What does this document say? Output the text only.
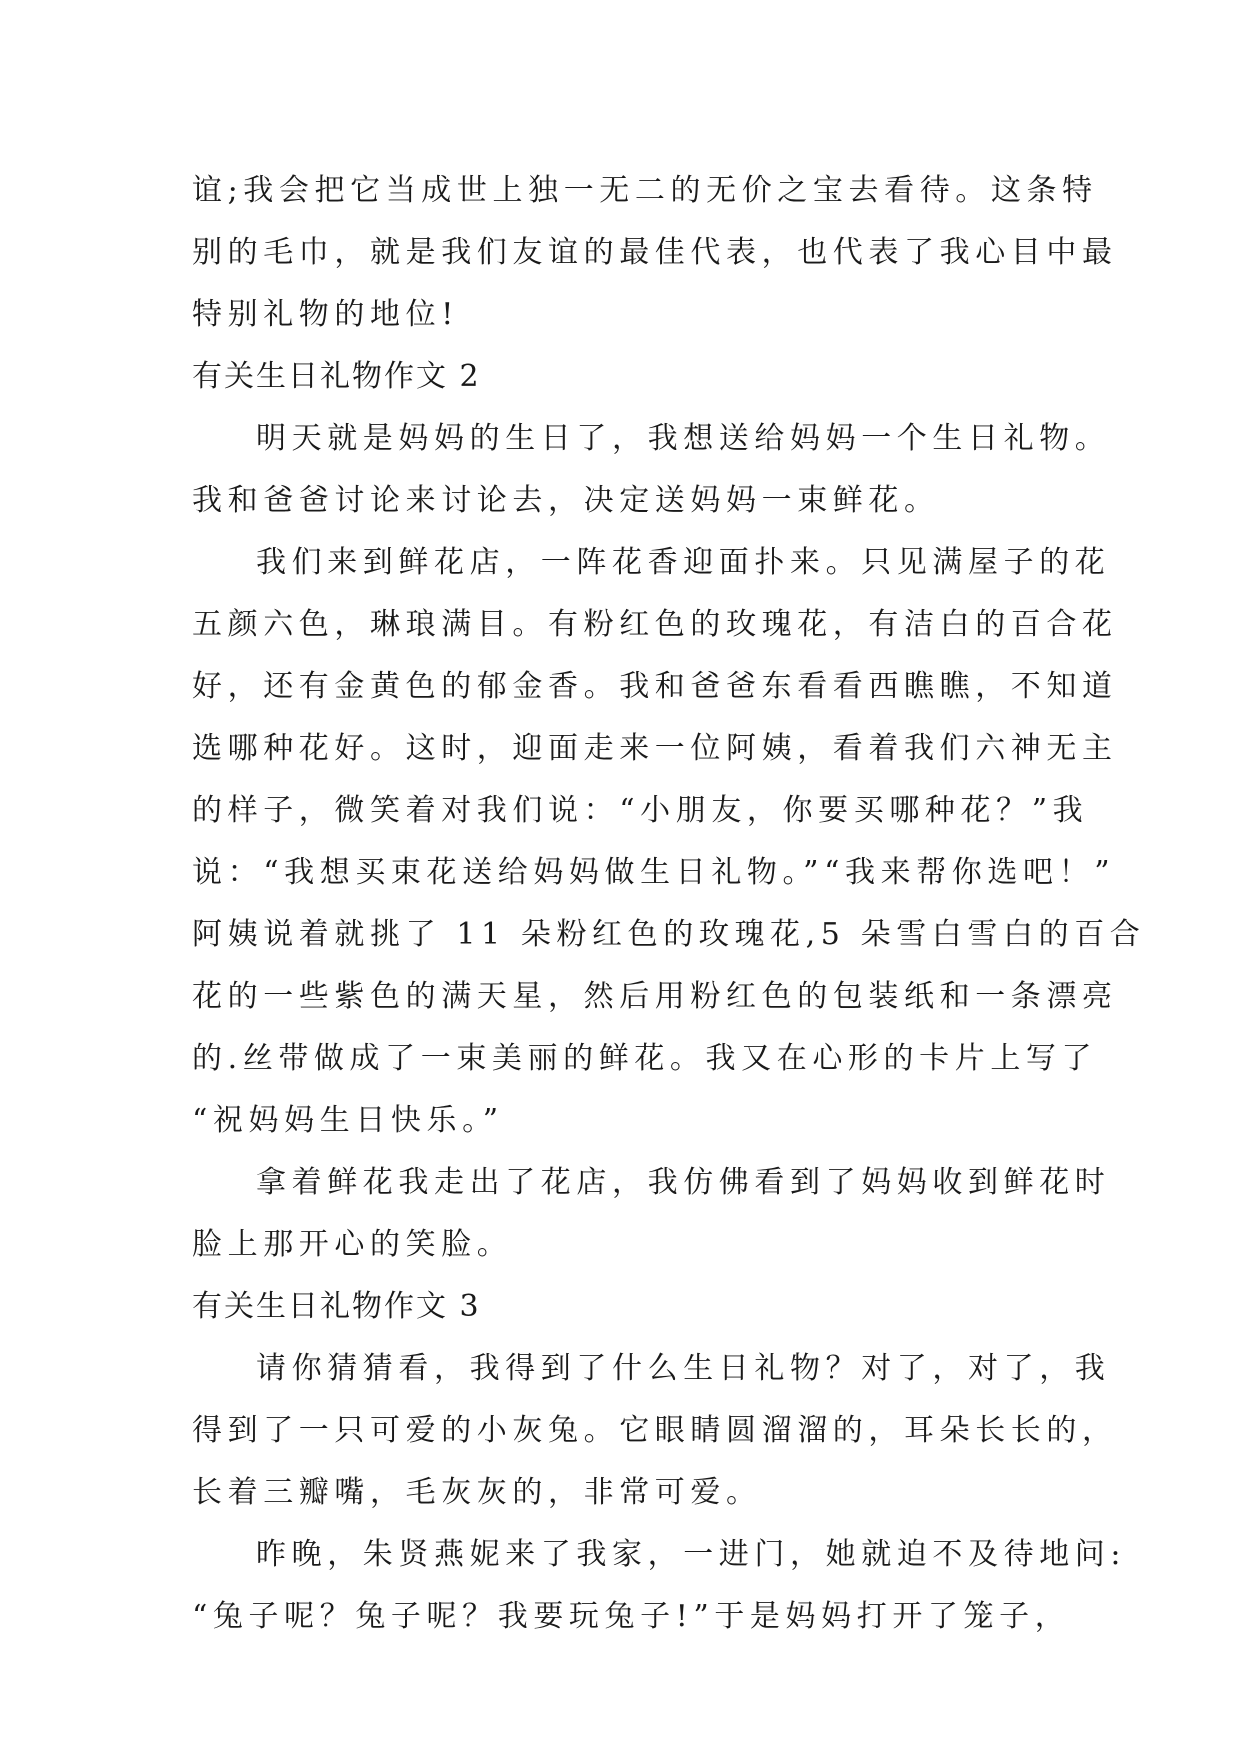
谊;我会把它当成世上独一无二的无价之宝去看待。这条特
别的毛巾，就是我们友谊的最佳代表，也代表了我心目中最
特别礼物的地位!
有关生日礼物作文 2
明天就是妈妈的生日了，我想送给妈妈一个生日礼物。
我和爸爸讨论来讨论去，决定送妈妈一束鲜花。
我们来到鲜花店，一阵花香迎面扑来。只见满屋子的花
五颜六色，琳琅满目。有粉红色的玫瑰花，有洁白的百合花
好，还有金黄色的郁金香。我和爸爸东看看西瞧瞧，不知道
选哪种花好。这时，迎面走来一位阿姨，看着我们六神无主
的样子，微笑着对我们说：“小朋友，你要买哪种花？”我
说：“我想买束花送给妈妈做生日礼物。”“我来帮你选吧！”
阿姨说着就挑了 11 朵粉红色的玫瑰花,5 朵雪白雪白的百合
花的一些紫色的满天星，然后用粉红色的包装纸和一条漂亮
的.丝带做成了一束美丽的鲜花。我又在心形的卡片上写了
“祝妈妈生日快乐。”
拿着鲜花我走出了花店，我仿佛看到了妈妈收到鲜花时
脸上那开心的笑脸。
有关生日礼物作文 3
请你猜猜看，我得到了什么生日礼物？对了，对了，我
得到了一只可爱的小灰兔。它眼睛圆溜溜的，耳朵长长的，
长着三瓣嘴，毛灰灰的，非常可爱。
昨晚，朱贤燕妮来了我家，一进门，她就迫不及待地问:
“兔子呢？兔子呢？我要玩兔子!”于是妈妈打开了笼子，
